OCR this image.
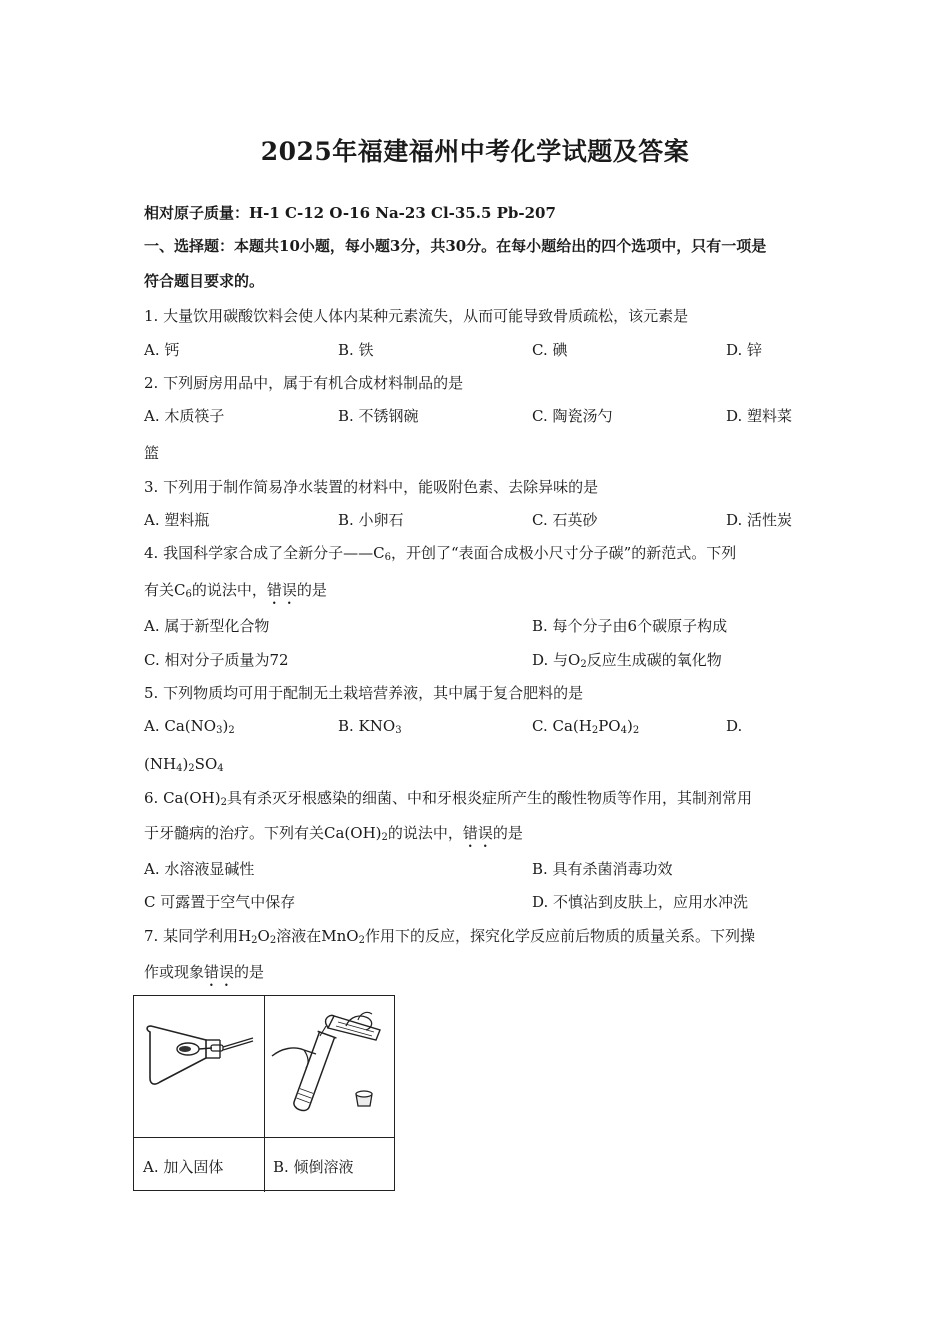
2025年福建福州中考化学试题及答案
相对原子质量：H-1 C-12 O-16 Na-23 Cl-35.5 Pb-207
一、选择题：本题共10小题，每小题3分，共30分。在每小题给出的四个选项中，只有一项是
符合题目要求的。
1. 大量饮用碳酸饮料会使人体内某种元素流失，从而可能导致骨质疏松，该元素是
A. 钙	B. 铁	C. 碘	D. 锌
2. 下列厨房用品中，属于有机合成材料制品的是
A. 木质筷子	B. 不锈钢碗	C. 陶瓷汤勺	D. 塑料菜
篮
3. 下列用于制作简易净水装置的材料中，能吸附色素、去除异味的是
A. 塑料瓶	B. 小卵石	C. 石英砂	D. 活性炭
4. 我国科学家合成了全新分子$——C_6$，开创了“表面合成极小尺寸分子碳”的新范式。下列
有关$C_6$的说法中，错误的是
A. 属于新型化合物	B. 每个分子由6个碳原子构成
C. 相对分子质量为72	D. 与$O_2$反应生成碳的氧化物
5. 下列物质均可用于配制无土栽培营养液，其中属于复合肥料的是
A. $Ca(NO_3)_2$	B. $KNO_3$	C. $Ca(H_2PO_4)_2$	D.
$(NH_4)_2SO_4$
6. $Ca(OH)_2$具有杀灭牙根感染的细菌、中和牙根炎症所产生的酸性物质等作用，其制剂常用
于牙髓病的治疗。下列有关$Ca(OH)_2$的说法中，错误的是
A. 水溶液显碱性	B. 具有杀菌消毒功效
C 可露置于空气中保存	D. 不慎沾到皮肤上，应用水冲洗
7. 某同学利用$H_2O_2$溶液在MnO$_2$作用下的反应，探究化学反应前后物质的质量关系。下列操
作或现象错误的是
A. 加入固体	B. 倾倒溶液
